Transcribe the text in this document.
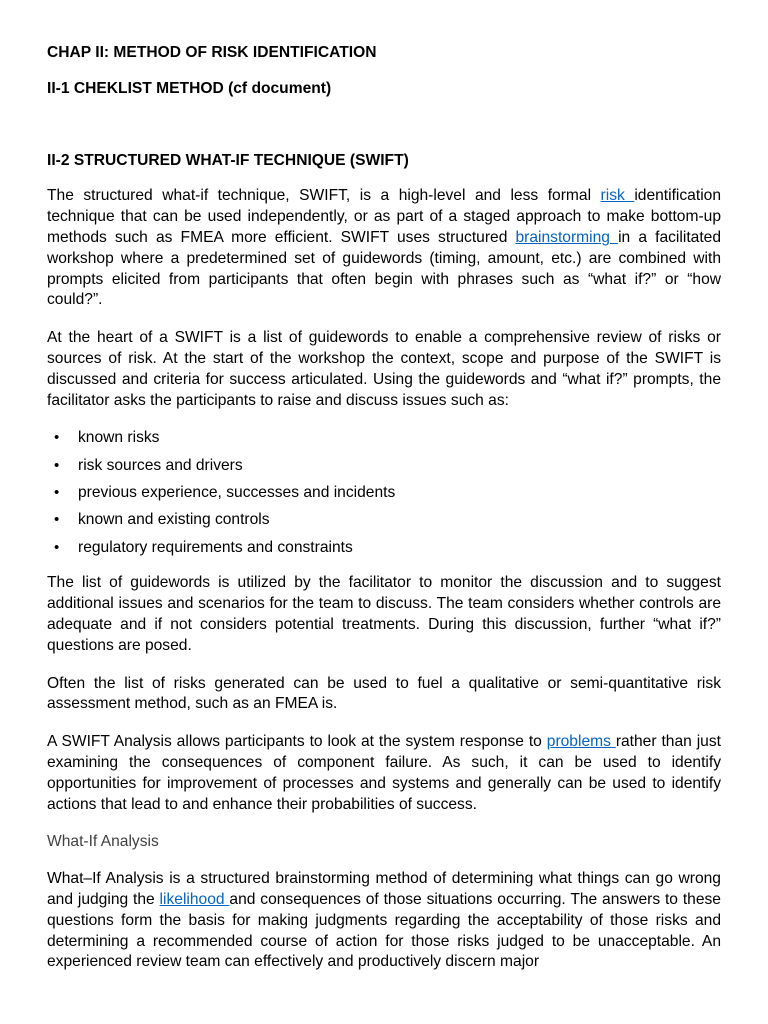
CHAP II: METHOD OF RISK IDENTIFICATION

II-1 CHEKLIST METHOD (cf document)

II-2 STRUCTURED WHAT-IF TECHNIQUE (SWIFT)

The structured what-if technique, SWIFT, is a high-level and less formal risk identification technique that can be used independently, or as part of a staged approach to make bottom-up methods such as FMEA more efficient. SWIFT uses structured brainstorming in a facilitated workshop where a predetermined set of guidewords (timing, amount, etc.) are combined with prompts elicited from participants that often begin with phrases such as “what if?” or “how could?”.

At the heart of a SWIFT is a list of guidewords to enable a comprehensive review of risks or sources of risk. At the start of the workshop the context, scope and purpose of the SWIFT is discussed and criteria for success articulated. Using the guidewords and “what if?” prompts, the facilitator asks the participants to raise and discuss issues such as:

• known risks
• risk sources and drivers
• previous experience, successes and incidents
• known and existing controls
• regulatory requirements and constraints

The list of guidewords is utilized by the facilitator to monitor the discussion and to suggest additional issues and scenarios for the team to discuss. The team considers whether controls are adequate and if not considers potential treatments. During this discussion, further “what if?” questions are posed.

Often the list of risks generated can be used to fuel a qualitative or semi-quantitative risk assessment method, such as an FMEA is.

A SWIFT Analysis allows participants to look at the system response to problems rather than just examining the consequences of component failure. As such, it can be used to identify opportunities for improvement of processes and systems and generally can be used to identify actions that lead to and enhance their probabilities of success.

What-If Analysis

What–If Analysis is a structured brainstorming method of determining what things can go wrong and judging the likelihood and consequences of those situations occurring. The answers to these questions form the basis for making judgments regarding the acceptability of those risks and determining a recommended course of action for those risks judged to be unacceptable. An experienced review team can effectively and productively discern major
